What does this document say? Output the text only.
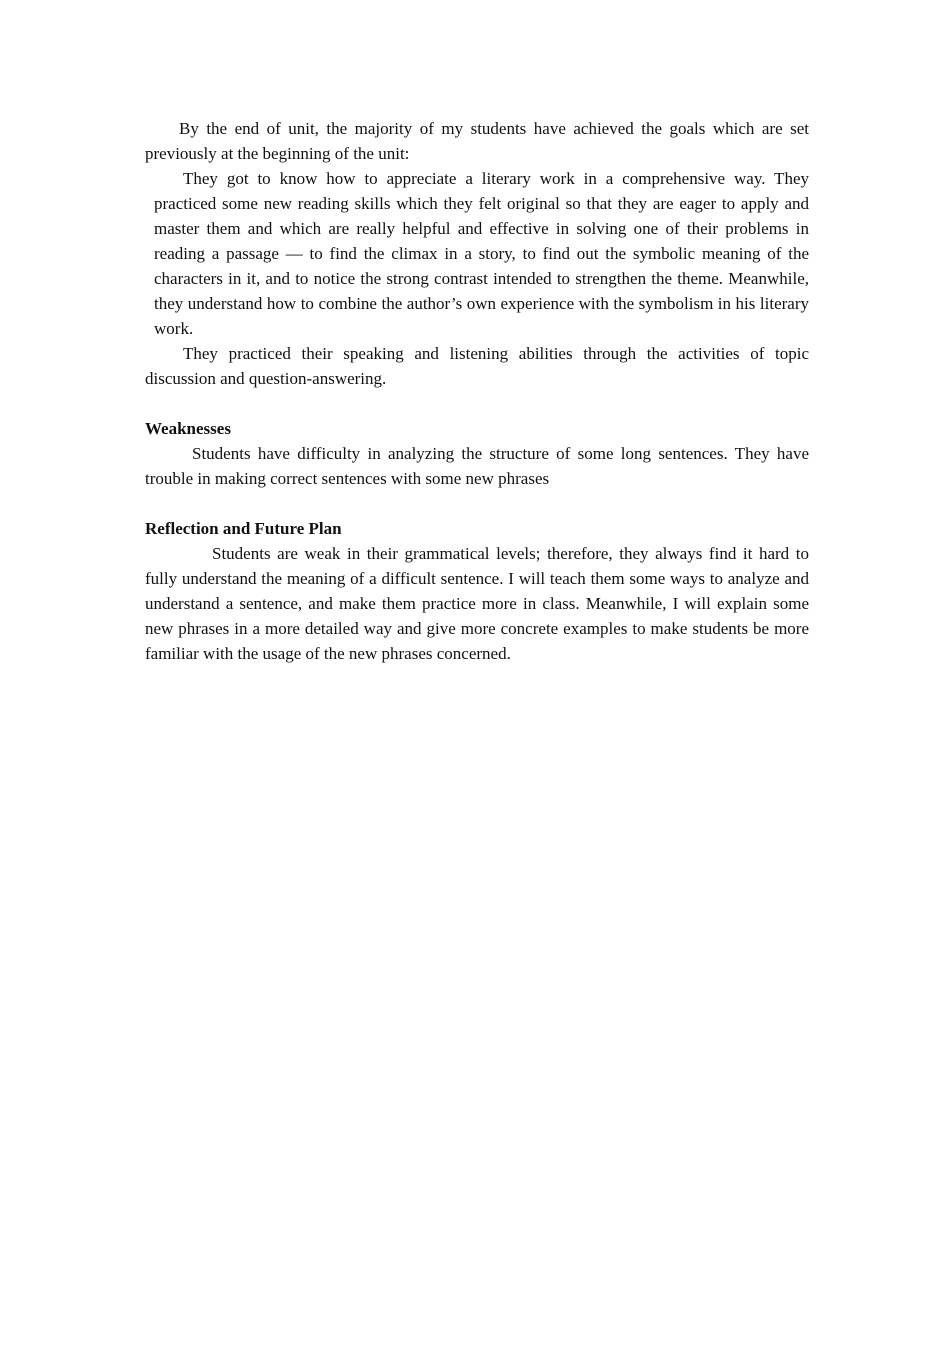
By the end of unit, the majority of my students have achieved the goals which are set previously at the beginning of the unit:

They got to know how to appreciate a literary work in a comprehensive way. They practiced some new reading skills which they felt original so that they are eager to apply and master them and which are really helpful and effective in solving one of their problems in reading a passage — to find the climax in a story, to find out the symbolic meaning of the characters in it, and to notice the strong contrast intended to strengthen the theme. Meanwhile, they understand how to combine the author’s own experience with the symbolism in his literary work.

They practiced their speaking and listening abilities through the activities of topic discussion and question-answering.

Weaknesses

Students have difficulty in analyzing the structure of some long sentences. They have trouble in making correct sentences with some new phrases

Reflection and Future Plan

Students are weak in their grammatical levels; therefore, they always find it hard to fully understand the meaning of a difficult sentence. I will teach them some ways to analyze and understand a sentence, and make them practice more in class. Meanwhile, I will explain some new phrases in a more detailed way and give more concrete examples to make students be more familiar with the usage of the new phrases concerned.
